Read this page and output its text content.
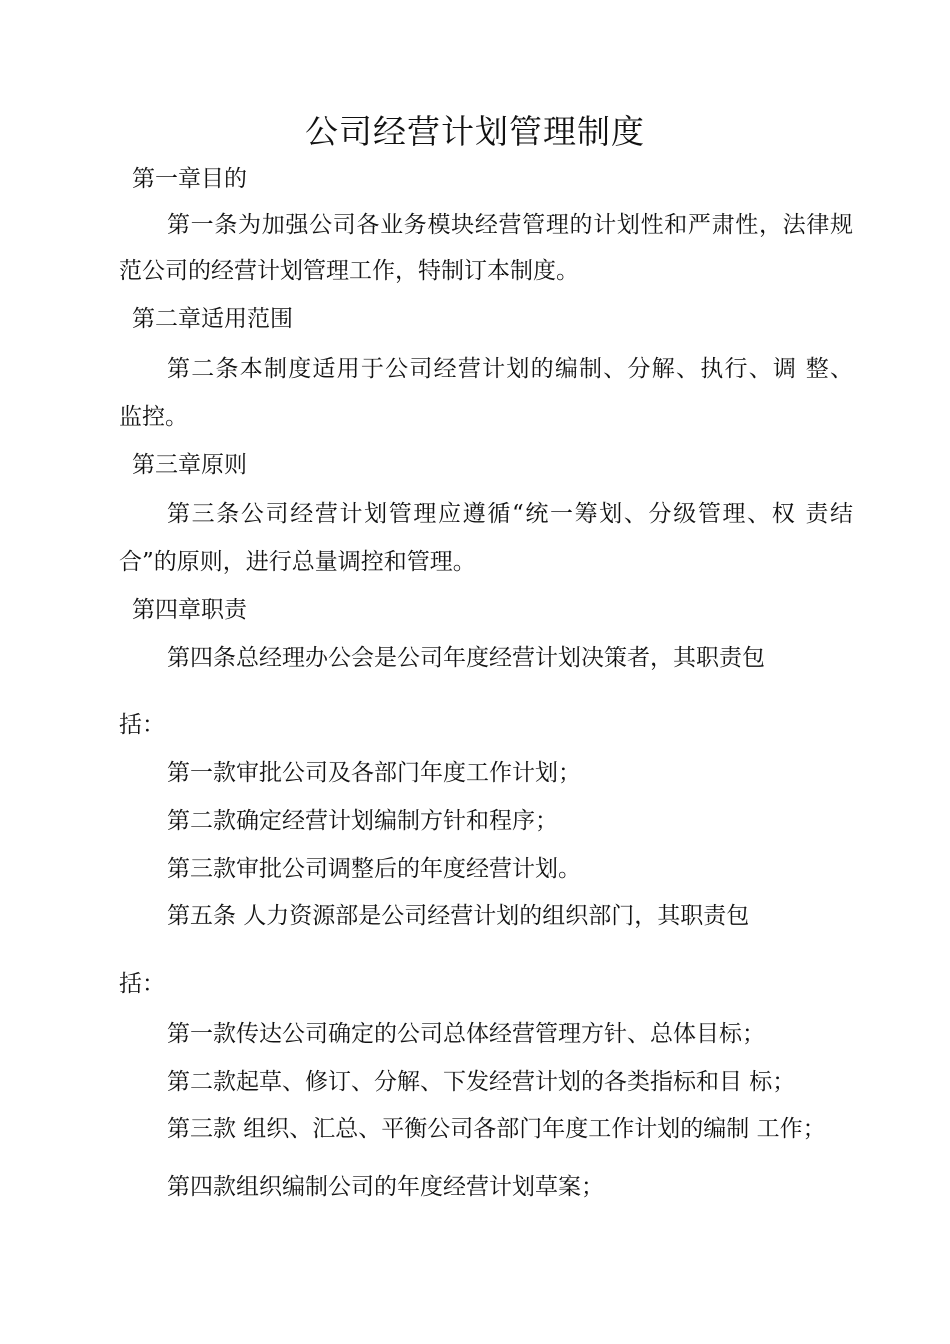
公司经营计划管理制度
第一章目的
第一条为加强公司各业务模块经营管理的计划性和严肃性，法律规
范公司的经营计划管理工作，特制订本制度。
第二章适用范围
第二条本制度适用于公司经营计划的编制、分解、执行、调 整、
监控。
第三章原则
第三条公司经营计划管理应遵循“统一筹划、分级管理、权 责结
合”的原则，进行总量调控和管理。
第四章职责
第四条总经理办公会是公司年度经营计划决策者，其职责包
括：
第一款审批公司及各部门年度工作计划；
第二款确定经营计划编制方针和程序；
第三款审批公司调整后的年度经营计划。
第五条 人力资源部是公司经营计划的组织部门，其职责包
括：
第一款传达公司确定的公司总体经营管理方针、总体目标；
第二款起草、修订、分解、下发经营计划的各类指标和目 标；
第三款 组织、汇总、平衡公司各部门年度工作计划的编制 工作；
第四款组织编制公司的年度经营计划草案；
